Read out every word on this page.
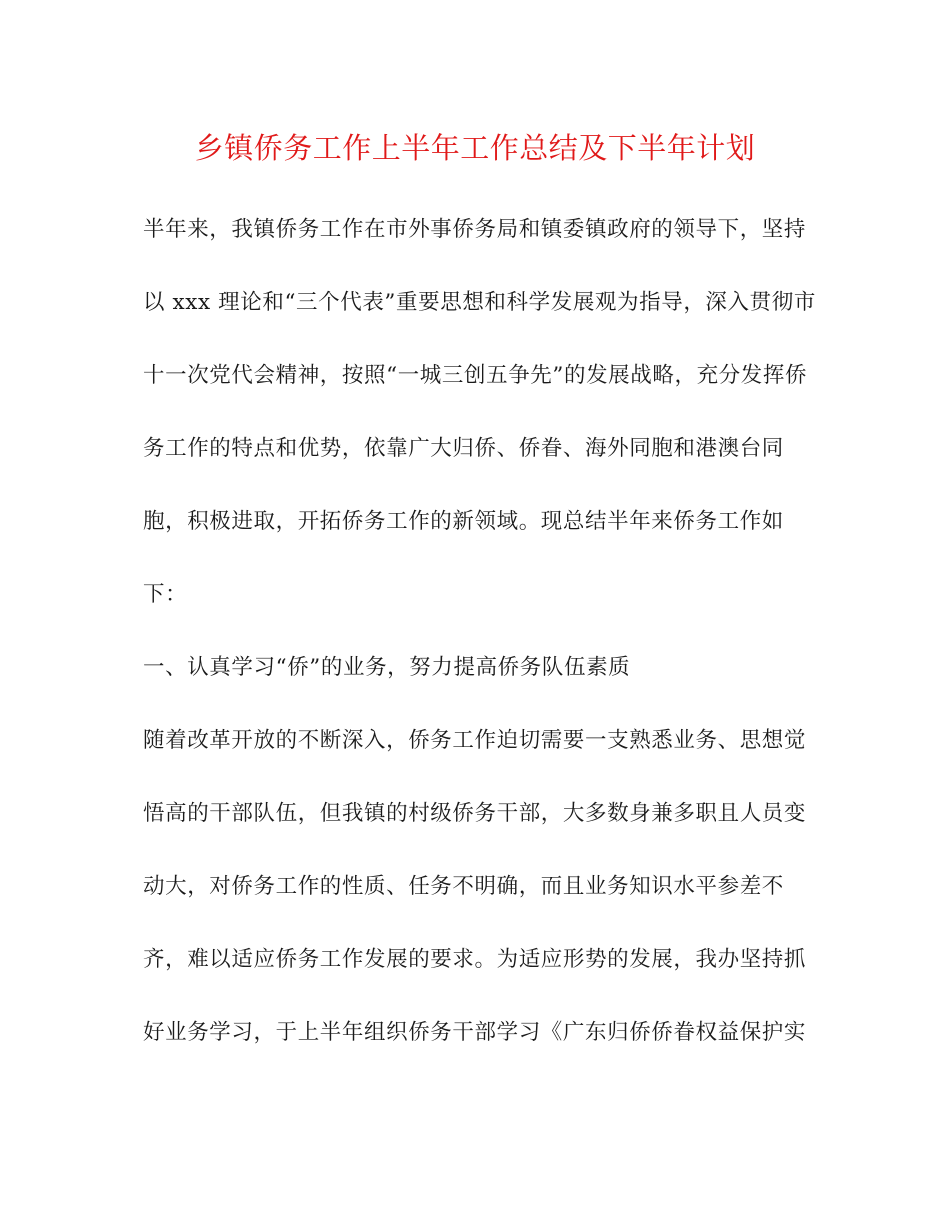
乡镇侨务工作上半年工作总结及下半年计划
半年来，我镇侨务工作在市外事侨务局和镇委镇政府的领导下，坚持
以 xxx 理论和“三个代表”重要思想和科学发展观为指导，深入贯彻市
十一次党代会精神，按照“一城三创五争先”的发展战略，充分发挥侨
务工作的特点和优势，依靠广大归侨、侨眷、海外同胞和港澳台同
胞，积极进取，开拓侨务工作的新领域。现总结半年来侨务工作如
下：
一、认真学习“侨”的业务，努力提高侨务队伍素质
随着改革开放的不断深入，侨务工作迫切需要一支熟悉业务、思想觉
悟高的干部队伍，但我镇的村级侨务干部，大多数身兼多职且人员变
动大，对侨务工作的性质、任务不明确，而且业务知识水平参差不
齐，难以适应侨务工作发展的要求。为适应形势的发展，我办坚持抓
好业务学习，于上半年组织侨务干部学习《广东归侨侨眷权益保护实
